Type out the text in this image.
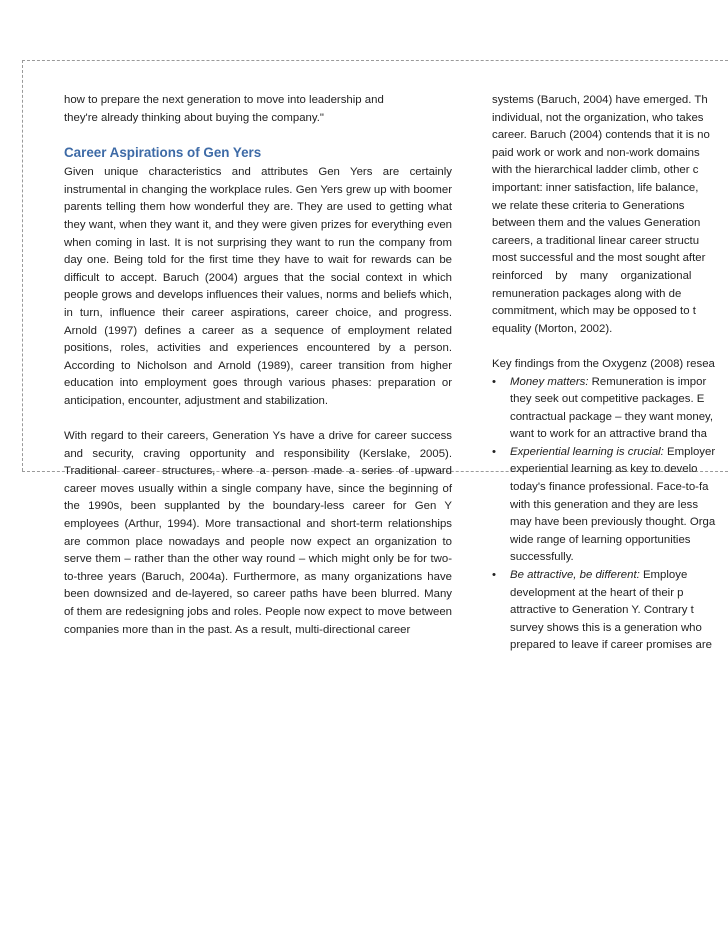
how to prepare the next generation to move into leadership and
they're already thinking about buying the company."

Career Aspirations of Gen Yers

Given unique characteristics and attributes Gen Yers are certainly instrumental in changing the workplace rules. Gen Yers grew up with boomer parents telling them how wonderful they are. They are used to getting what they want, when they want it, and they were given prizes for everything even when coming in last. It is not surprising they want to run the company from day one. Being told for the first time they have to wait for rewards can be difficult to accept. Baruch (2004) argues that the social context in which people grows and develops influences their values, norms and beliefs which, in turn, influence their career aspirations, career choice, and progress. Arnold (1997) defines a career as a sequence of employment related positions, roles, activities and experiences encountered by a person. According to Nicholson and Arnold (1989), career transition from higher education into employment goes through various phases: preparation or anticipation, encounter, adjustment and stabilization.

With regard to their careers, Generation Ys have a drive for career success and security, craving opportunity and responsibility (Kerslake, 2005). Traditional career structures, where a person made a series of upward career moves usually within a single company have, since the beginning of the 1990s, been supplanted by the boundary-less career for Gen Y employees (Arthur, 1994). More transactional and short-term relationships are common place nowadays and people now expect an organization to serve them – rather than the other way round – which might only be for two-to-three years (Baruch, 2004a). Furthermore, as many organizations have been downsized and de-layered, so career paths have been blurred. Many of them are redesigning jobs and roles. People now expect to move between companies more than in the past. As a result, multi-directional career

systems (Baruch, 2004) have emerged. Th
individual, not the organization, who takes
career. Baruch (2004) contends that it is no
paid work or work and non-work domains
with the hierarchical ladder climb, other c
important: inner satisfaction, life balance,
we relate these criteria to Generations
between them and the values Generation
careers, a traditional linear career structu
most successful and the most sought after
reinforced    by    many    organizational
remuneration packages along with de
commitment, which may be opposed to t
equality (Morton, 2002).
Key findings from the Oxygenz (2008) resea
• Money matters: Remuneration is impor
they seek out competitive packages. E
contractual package – they want money,
want to work for an attractive brand tha
• Experiential learning is crucial: Employer
experiential learning as key to develo
today's finance professional. Face-to-fa
with this generation and they are less
may have been previously thought. Orga
wide range of learning opportunities
successfully.
• Be attractive, be different: Employe
development at the heart of their p
attractive to Generation Y. Contrary t
survey shows this is a generation who
prepared to leave if career promises are
